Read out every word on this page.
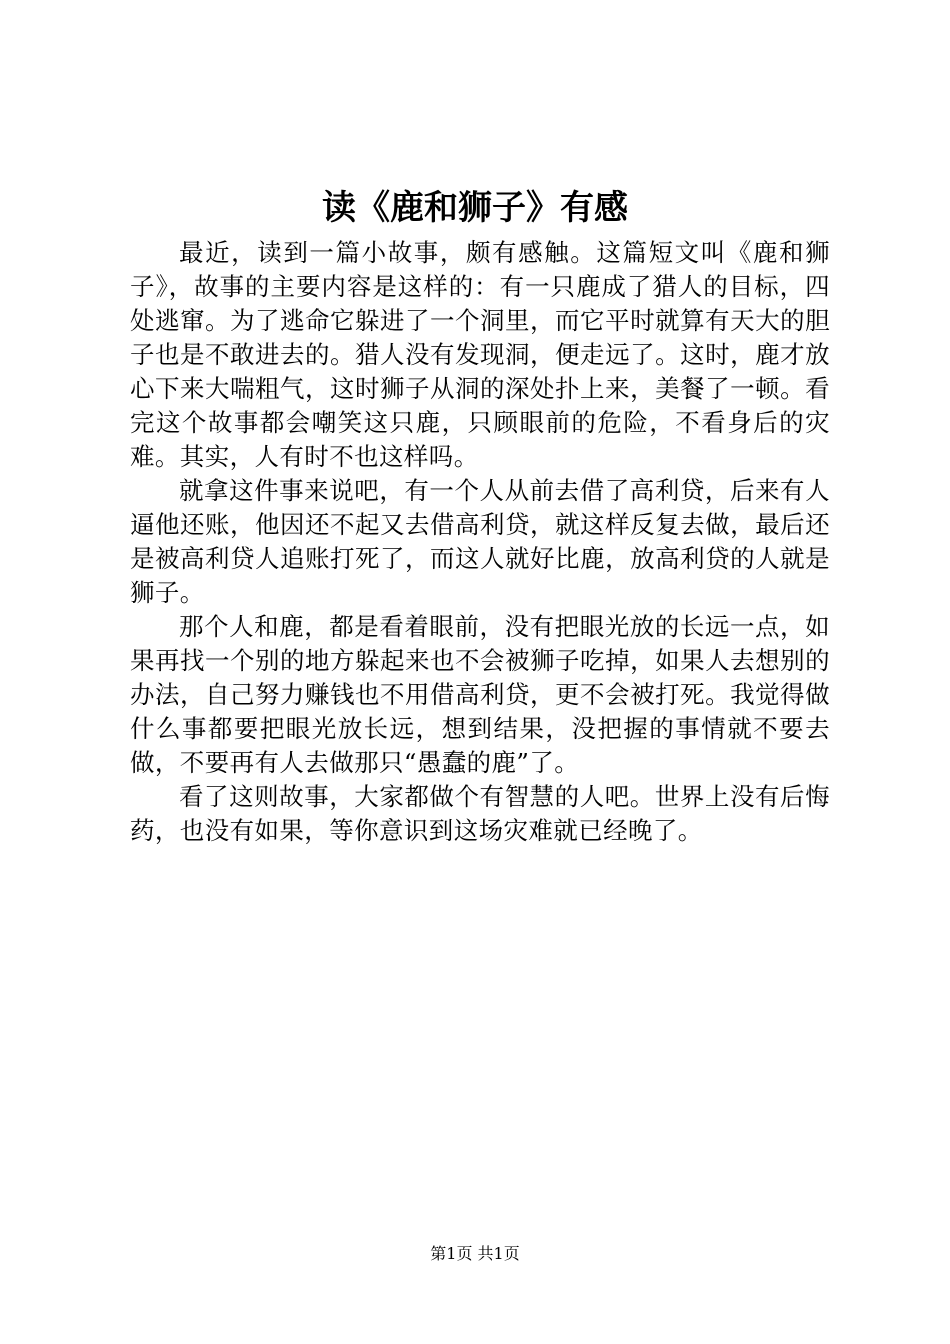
读《鹿和狮子》有感

最近，读到一篇小故事，颇有感触。这篇短文叫《鹿和狮子》，故事的主要内容是这样的：有一只鹿成了猎人的目标，四处逃窜。为了逃命它躲进了一个洞里，而它平时就算有天大的胆子也是不敢进去的。猎人没有发现洞，便走远了。这时，鹿才放心下来大喘粗气，这时狮子从洞的深处扑上来，美餐了一顿。看完这个故事都会嘲笑这只鹿，只顾眼前的危险，不看身后的灾难。其实，人有时不也这样吗。

就拿这件事来说吧，有一个人从前去借了高利贷，后来有人逼他还账，他因还不起又去借高利贷，就这样反复去做，最后还是被高利贷人追账打死了，而这人就好比鹿，放高利贷的人就是狮子。

那个人和鹿，都是看着眼前，没有把眼光放的长远一点，如果再找一个别的地方躲起来也不会被狮子吃掉，如果人去想别的办法，自己努力赚钱也不用借高利贷，更不会被打死。我觉得做什么事都要把眼光放长远，想到结果，没把握的事情就不要去做，不要再有人去做那只“愚蠢的鹿”了。

看了这则故事，大家都做个有智慧的人吧。世界上没有后悔药，也没有如果，等你意识到这场灾难就已经晚了。

第1页 共1页
